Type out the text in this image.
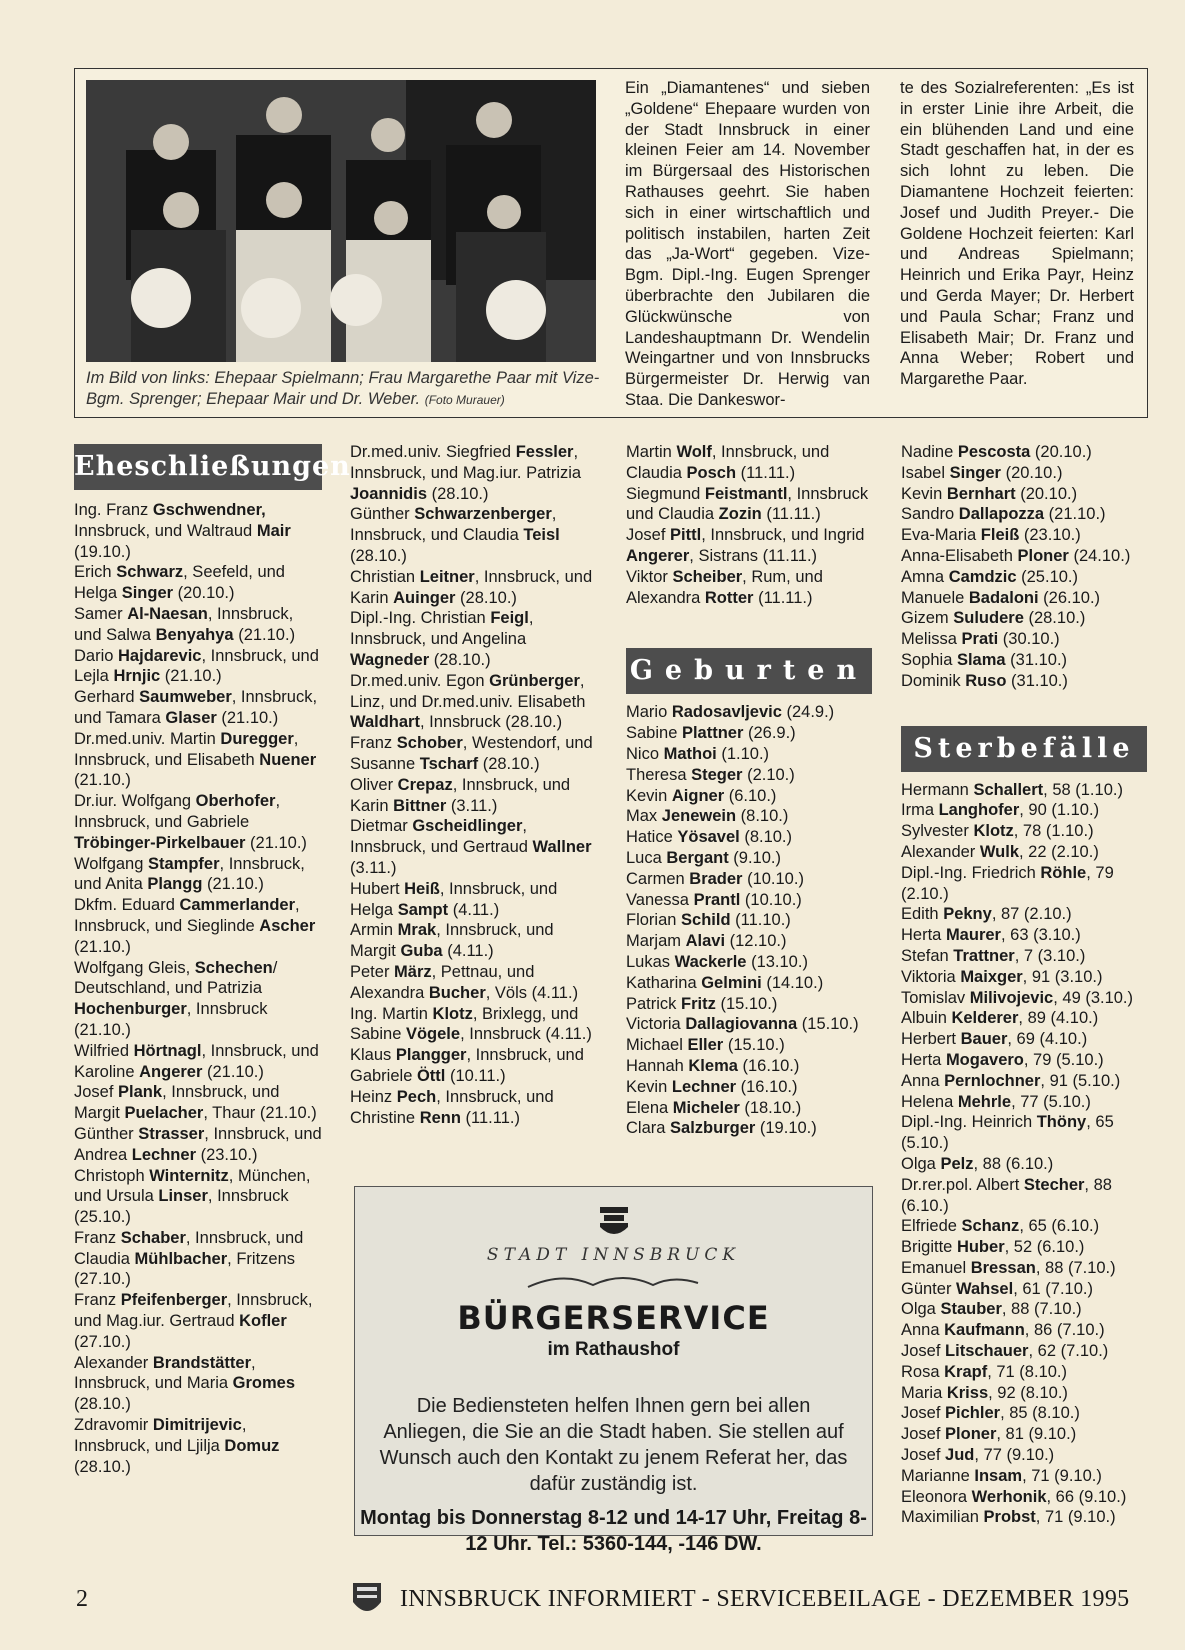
Im Bild von links: Ehepaar Spielmann; Frau Margarethe Paar mit Vize-Bgm. Sprenger; Ehepaar Mair und Dr. Weber. (Foto Murauer)
Ein „Diamantenes“ und sieben „Goldene“ Ehepaare wurden von der Stadt Innsbruck in einer kleinen Feier am 14. November im Bürgersaal des Historischen Rathauses geehrt. Sie haben sich in einer wirtschaftlich und politisch instabilen, harten Zeit das „Ja-Wort“ gegeben. Vize-Bgm. Dipl.-Ing. Eugen Sprenger überbrachte den Jubilaren die Glückwünsche von Landeshauptmann Dr. Wendelin Weingartner und von Innsbrucks Bürgermeister Dr. Herwig van Staa. Die Dankeswor-
te des Sozialreferenten: „Es ist in erster Linie ihre Arbeit, die ein blühenden Land und eine Stadt geschaffen hat, in der es sich lohnt zu leben. Die Diamantene Hochzeit feierten: Josef und Judith Preyer.- Die Goldene Hochzeit feierten: Karl und Andreas Spielmann; Heinrich und Erika Payr, Heinz und Gerda Mayer; Dr. Herbert und Paula Schar; Franz und Elisabeth Mair; Dr. Franz und Anna Weber; Robert und Margarethe Paar.
Eheschließungen

Ing. Franz Gschwendner, Innsbruck, und Waltraud Mair (19.10.)

Erich Schwarz, Seefeld, und Helga Singer (20.10.)

Samer Al-Naesan, Innsbruck, und Salwa Benyahya (21.10.)

Dario Hajdarevic, Innsbruck, und Lejla Hrnjic (21.10.)

Gerhard Saumweber, Innsbruck, und Tamara Glaser (21.10.)

Dr.med.univ. Martin Duregger, Innsbruck, und Elisabeth Nuener (21.10.)

Dr.iur. Wolfgang Oberhofer, Innsbruck, und Gabriele Tröbinger-Pirkelbauer (21.10.)

Wolfgang Stampfer, Innsbruck, und Anita Plangg (21.10.)

Dkfm. Eduard Cammerlander, Innsbruck, und Sieglinde Ascher (21.10.)

Wolfgang Gleis, Schechen/ Deutschland, und Patrizia Hochenburger, Innsbruck (21.10.)

Wilfried Hörtnagl, Innsbruck, und Karoline Angerer (21.10.)

Josef Plank, Innsbruck, und Margit Puelacher, Thaur (21.10.)

Günther Strasser, Innsbruck, und Andrea Lechner (23.10.)

Christoph Winternitz, München, und Ursula Linser, Innsbruck (25.10.)

Franz Schaber, Innsbruck, und Claudia Mühlbacher, Fritzens (27.10.)

Franz Pfeifenberger, Innsbruck, und Mag.iur. Gertraud Kofler (27.10.)

Alexander Brandstätter, Innsbruck, und Maria Gromes (28.10.)

Zdravomir Dimitrijevic, Innsbruck, und Ljilja Domuz (28.10.)

Dr.med.univ. Siegfried Fessler, Innsbruck, und Mag.iur. Patrizia Joannidis (28.10.)

Günther Schwarzenberger, Innsbruck, und Claudia Teisl (28.10.)

Christian Leitner, Innsbruck, und Karin Auinger (28.10.)

Dipl.-Ing. Christian Feigl, Innsbruck, und Angelina Wagneder (28.10.)

Dr.med.univ. Egon Grünberger, Linz, und Dr.med.univ. Elisabeth Waldhart, Innsbruck (28.10.)

Franz Schober, Westendorf, und Susanne Tscharf (28.10.)

Oliver Crepaz, Innsbruck, und Karin Bittner (3.11.)

Dietmar Gscheidlinger, Innsbruck, und Gertraud Wallner (3.11.)

Hubert Heiß, Innsbruck, und Helga Sampt (4.11.)

Armin Mrak, Innsbruck, und Margit Guba (4.11.)

Peter März, Pettnau, und Alexandra Bucher, Völs (4.11.)

Ing. Martin Klotz, Brixlegg, und Sabine Vögele, Innsbruck (4.11.)

Klaus Plangger, Innsbruck, und Gabriele Öttl (10.11.)

Heinz Pech, Innsbruck, und Christine Renn (11.11.)

Martin Wolf, Innsbruck, und Claudia Posch (11.11.)

Siegmund Feistmantl, Innsbruck und Claudia Zozin (11.11.)

Josef Pittl, Innsbruck, und Ingrid Angerer, Sistrans (11.11.)

Viktor Scheiber, Rum, und Alexandra Rotter (11.11.)

Geburten

Mario Radosavljevic (24.9.)

Sabine Plattner (26.9.)

Nico Mathoi (1.10.)

Theresa Steger (2.10.)

Kevin Aigner (6.10.)

Max Jenewein (8.10.)

Hatice Yösavel (8.10.)

Luca Bergant (9.10.)

Carmen Brader (10.10.)

Vanessa Prantl (10.10.)

Florian Schild (11.10.)

Marjam Alavi (12.10.)

Lukas Wackerle (13.10.)

Katharina Gelmini (14.10.)

Patrick Fritz (15.10.)

Victoria Dallagiovanna (15.10.)

Michael Eller (15.10.)

Hannah Klema (16.10.)

Kevin Lechner (16.10.)

Elena Micheler (18.10.)

Clara Salzburger (19.10.)

Nadine Pescosta (20.10.)

Isabel Singer (20.10.)

Kevin Bernhart (20.10.)

Sandro Dallapozza (21.10.)

Eva-Maria Fleiß (23.10.)

Anna-Elisabeth Ploner (24.10.)

Amna Camdzic (25.10.)

Manuele Badaloni (26.10.)

Gizem Suludere (28.10.)

Melissa Prati (30.10.)

Sophia Slama (31.10.)

Dominik Ruso (31.10.)

Sterbefälle

Hermann Schallert, 58 (1.10.)

Irma Langhofer, 90 (1.10.)

Sylvester Klotz, 78 (1.10.)

Alexander Wulk, 22 (2.10.)

Dipl.-Ing. Friedrich Röhle, 79 (2.10.)

Edith Pekny, 87 (2.10.)

Herta Maurer, 63 (3.10.)

Stefan Trattner, 7 (3.10.)

Viktoria Maixger, 91 (3.10.)

Tomislav Milivojevic, 49 (3.10.)

Albuin Kelderer, 89 (4.10.)

Herbert Bauer, 69 (4.10.)

Herta Mogavero, 79 (5.10.)

Anna Pernlochner, 91 (5.10.)

Helena Mehrle, 77 (5.10.)

Dipl.-Ing. Heinrich Thöny, 65 (5.10.)

Olga Pelz, 88 (6.10.)

Dr.rer.pol. Albert Stecher, 88 (6.10.)

Elfriede Schanz, 65 (6.10.)

Brigitte Huber, 52 (6.10.)

Emanuel Bressan, 88 (7.10.)

Günter Wahsel, 61 (7.10.)

Olga Stauber, 88 (7.10.)

Anna Kaufmann, 86 (7.10.)

Josef Litschauer, 62 (7.10.)

Rosa Krapf, 71 (8.10.)

Maria Kriss, 92 (8.10.)

Josef Pichler, 85 (8.10.)

Josef Ploner, 81 (9.10.)

Josef Jud, 77 (9.10.)

Marianne Insam, 71 (9.10.)

Eleonora Werhonik, 66 (9.10.)

Maximilian Probst, 71 (9.10.)

STADT INNSBRUCK
BÜRGERSERVICE
im Rathaushof
Die Bediensteten helfen Ihnen gern bei allen Anliegen, die Sie an die Stadt haben. Sie stellen auf Wunsch auch den Kontakt zu jenem Referat her, das dafür zuständig ist.
Montag bis Donnerstag 8-12 und 14-17 Uhr, Freitag 8-12 Uhr. Tel.: 5360-144, -146 DW.
2	INNSBRUCK INFORMIERT - SERVICEBEILAGE - DEZEMBER 1995
